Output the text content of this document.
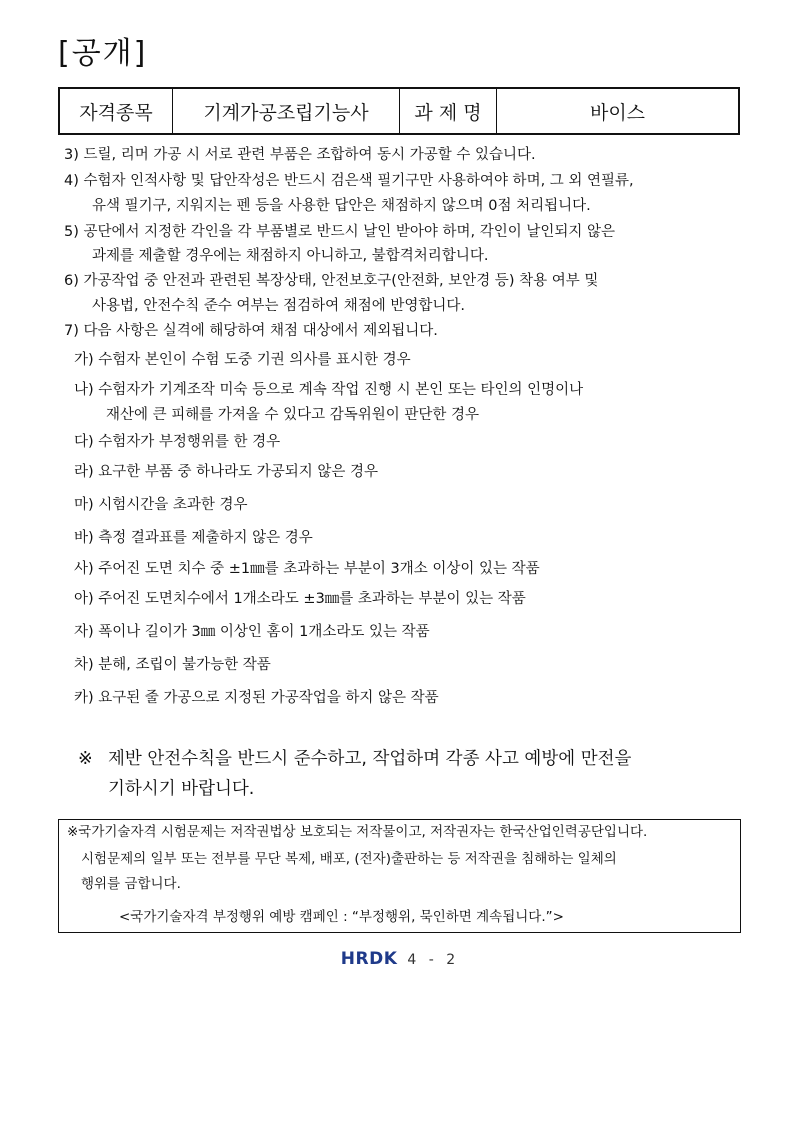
[공개]
자격종목	기계가공조립기능사	과 제 명	바이스
3) 드릴, 리머 가공 시 서로 관련 부품은 조합하여 동시 가공할 수 있습니다.
4) 수험자 인적사항 및 답안작성은 반드시 검은색 필기구만 사용하여야 하며, 그 외 연필류,
유색 필기구, 지워지는 펜 등을 사용한 답안은 채점하지 않으며 0점 처리됩니다.
5) 공단에서 지정한 각인을 각 부품별로 반드시 날인 받아야 하며, 각인이 날인되지 않은
과제를 제출할 경우에는 채점하지 아니하고, 불합격처리합니다.
6) 가공작업 중 안전과 관련된 복장상태, 안전보호구(안전화, 보안경 등) 착용 여부 및
사용법, 안전수칙 준수 여부는 점검하여 채점에 반영합니다.
7) 다음 사항은 실격에 해당하여 채점 대상에서 제외됩니다.
가) 수험자 본인이 수험 도중 기권 의사를 표시한 경우
나) 수험자가 기계조작 미숙 등으로 계속 작업 진행 시 본인 또는 타인의 인명이나
재산에 큰 피해를 가져올 수 있다고 감독위원이 판단한 경우
다) 수험자가 부정행위를 한 경우
라) 요구한 부품 중 하나라도 가공되지 않은 경우
마) 시험시간을 초과한 경우
바) 측정 결과표를 제출하지 않은 경우
사) 주어진 도면 치수 중 ±1㎜를 초과하는 부분이 3개소 이상이 있는 작품
아) 주어진 도면치수에서 1개소라도 ±3㎜를 초과하는 부분이 있는 작품
자) 폭이나 길이가 3㎜ 이상인 홈이 1개소라도 있는 작품
차) 분해, 조립이 불가능한 작품
카) 요구된 줄 가공으로 지정된 가공작업을 하지 않은 작품
※ 제반 안전수칙을 반드시 준수하고, 작업하며 각종 사고 예방에 만전을
기하시기 바랍니다.
※국가기술자격 시험문제는 저작권법상 보호되는 저작물이고, 저작권자는 한국산업인력공단입니다.
시험문제의 일부 또는 전부를 무단 복제, 배포, (전자)출판하는 등 저작권을 침해하는 일체의
행위를 금합니다.
<국가기술자격 부정행위 예방 캠페인 : “부정행위, 묵인하면 계속됩니다.”>
HRDK 4 - 2
